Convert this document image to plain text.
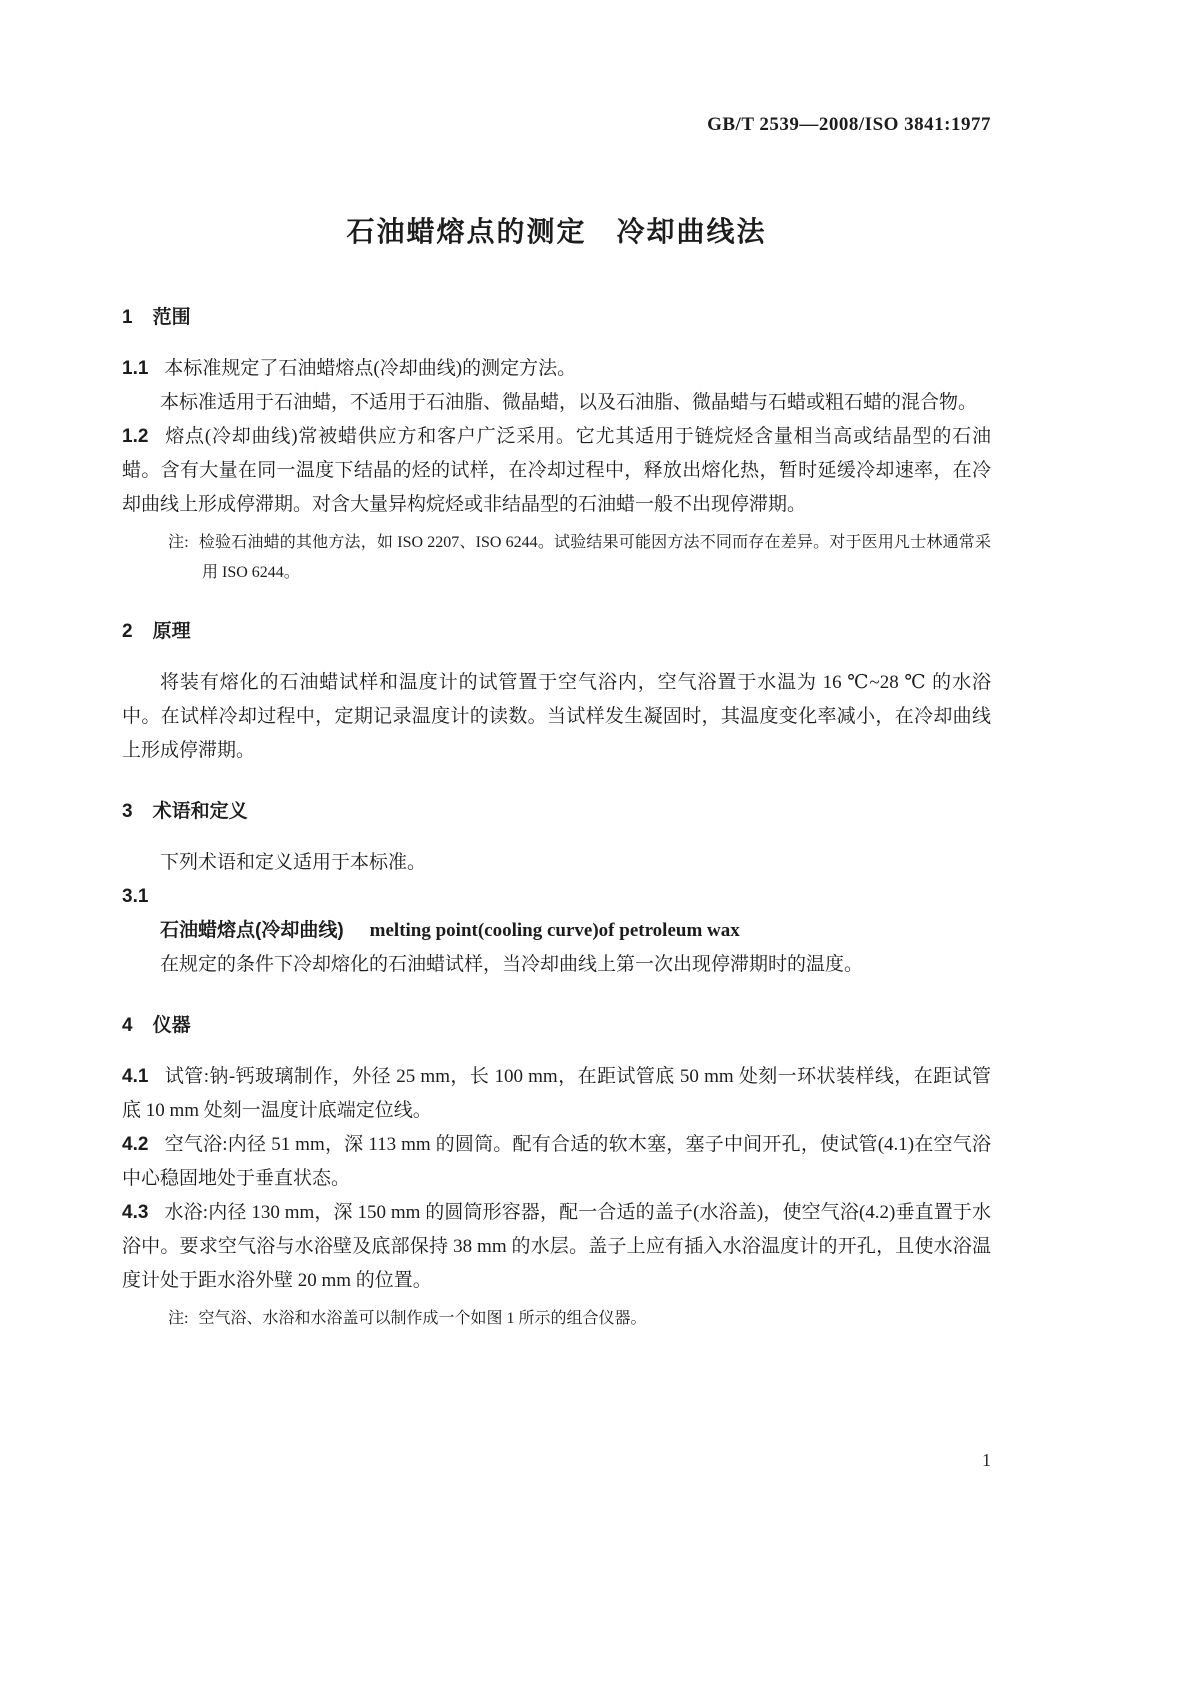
GB/T 2539—2008/ISO 3841:1977
石油蜡熔点的测定　冷却曲线法
1 范围

1.1 本标准规定了石油蜡熔点(冷却曲线)的测定方法。

本标准适用于石油蜡，不适用于石油脂、微晶蜡，以及石油脂、微晶蜡与石蜡或粗石蜡的混合物。

1.2 熔点(冷却曲线)常被蜡供应方和客户广泛采用。它尤其适用于链烷烃含量相当高或结晶型的石油蜡。含有大量在同一温度下结晶的烃的试样，在冷却过程中，释放出熔化热，暂时延缓冷却速率，在冷却曲线上形成停滞期。对含大量异构烷烃或非结晶型的石油蜡一般不出现停滞期。

注: 检验石油蜡的其他方法，如 ISO 2207、ISO 6244。试验结果可能因方法不同而存在差异。对于医用凡士林通常采用 ISO 6244。

2 原理

将装有熔化的石油蜡试样和温度计的试管置于空气浴内，空气浴置于水温为 16 ℃~28 ℃ 的水浴中。在试样冷却过程中，定期记录温度计的读数。当试样发生凝固时，其温度变化率减小，在冷却曲线上形成停滞期。

3 术语和定义

下列术语和定义适用于本标准。

3.1

石油蜡熔点(冷却曲线) melting point(cooling curve)of petroleum wax

在规定的条件下冷却熔化的石油蜡试样，当冷却曲线上第一次出现停滞期时的温度。

4 仪器

4.1 试管:钠-钙玻璃制作，外径 25 mm，长 100 mm，在距试管底 50 mm 处刻一环状装样线，在距试管底 10 mm 处刻一温度计底端定位线。

4.2 空气浴:内径 51 mm，深 113 mm 的圆筒。配有合适的软木塞，塞子中间开孔，使试管(4.1)在空气浴中心稳固地处于垂直状态。

4.3 水浴:内径 130 mm，深 150 mm 的圆筒形容器，配一合适的盖子(水浴盖)，使空气浴(4.2)垂直置于水浴中。要求空气浴与水浴壁及底部保持 38 mm 的水层。盖子上应有插入水浴温度计的开孔，且使水浴温度计处于距水浴外壁 20 mm 的位置。

注: 空气浴、水浴和水浴盖可以制作成一个如图 1 所示的组合仪器。

1
